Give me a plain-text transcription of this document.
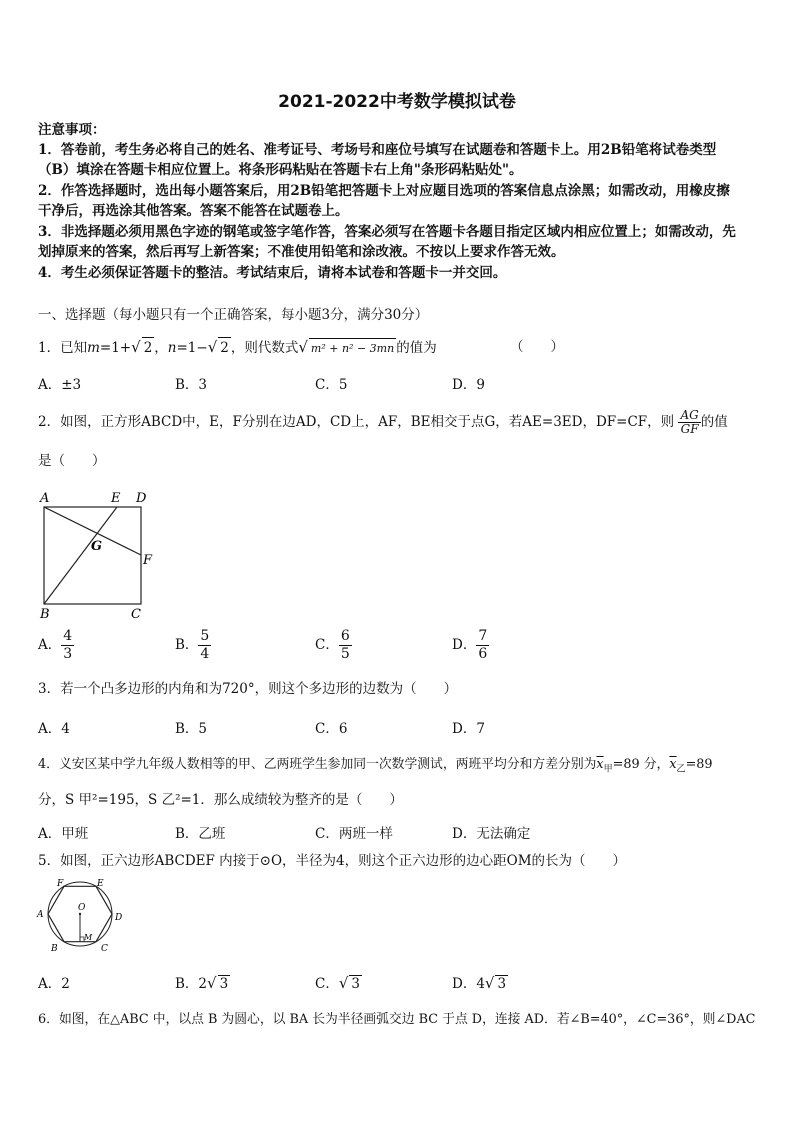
2021-2022中考数学模拟试卷
注意事项：
1．答卷前，考生务必将自己的姓名、准考证号、考场号和座位号填写在试题卷和答题卡上。用2B铅笔将试卷类型
（B）填涂在答题卡相应位置上。将条形码粘贴在答题卡右上角"条形码粘贴处"。
2．作答选择题时，选出每小题答案后，用2B铅笔把答题卡上对应题目选项的答案信息点涂黑；如需改动，用橡皮擦
干净后，再选涂其他答案。答案不能答在试题卷上。
3．非选择题必须用黑色字迹的钢笔或签字笔作答，答案必须写在答题卡各题目指定区域内相应位置上；如需改动，先
划掉原来的答案，然后再写上新答案；不准使用铅笔和涂改液。不按以上要求作答无效。
4．考生必须保证答题卡的整洁。考试结束后，请将本试卷和答题卡一并交回。
一、选择题（每小题只有一个正确答案，每小题3分，满分30分）
1．已知m=1+√ 2 ，n=1−√ 2 ，则代数式√ m² + n² − 3mn 的值为	（　　）
A．±3	B．3	C．5	D．9
2．如图，正方形ABCD中，E，F分别在边AD，CD上，AF，BE相交于点G，若AE=3ED，DF=CF，则 $\frac{AG}{GF}$ 的值
是（　　）
A	E D
G
F
B	C
A． $\frac{4}{3}$	B． $\frac{5}{4}$	C． $\frac{6}{5}$	D． $\frac{7}{6}$
3．若一个凸多边形的内角和为720°，则这个多边形的边数为（　　）
A．4	B．5	C．6	D．7
4．义安区某中学九年级人数相等的甲、乙两班学生参加同一次数学测试，两班平均分和方差分别为$\overline{x}_甲=89$ 分，$\overline{x}_乙=89$
分，S 甲²=195，S 乙²=1．那么成绩较为整齐的是（　　）
A．甲班	B．乙班	C．两班一样	D．无法确定
5．如图，正六边形ABCDEF 内接于⊙O，半径为4，则这个正六边形的边心距OM的长为（　　）
F	E
A
O
D
B
M
C
A．2	B．2√ 3	C．√ 3	D．4√ 3
6．如图，在△ABC 中，以点 B 为圆心，以 BA 长为半径画弧交边 BC 于点 D，连接 AD．若∠B=40°，∠C=36°，则∠DAC
